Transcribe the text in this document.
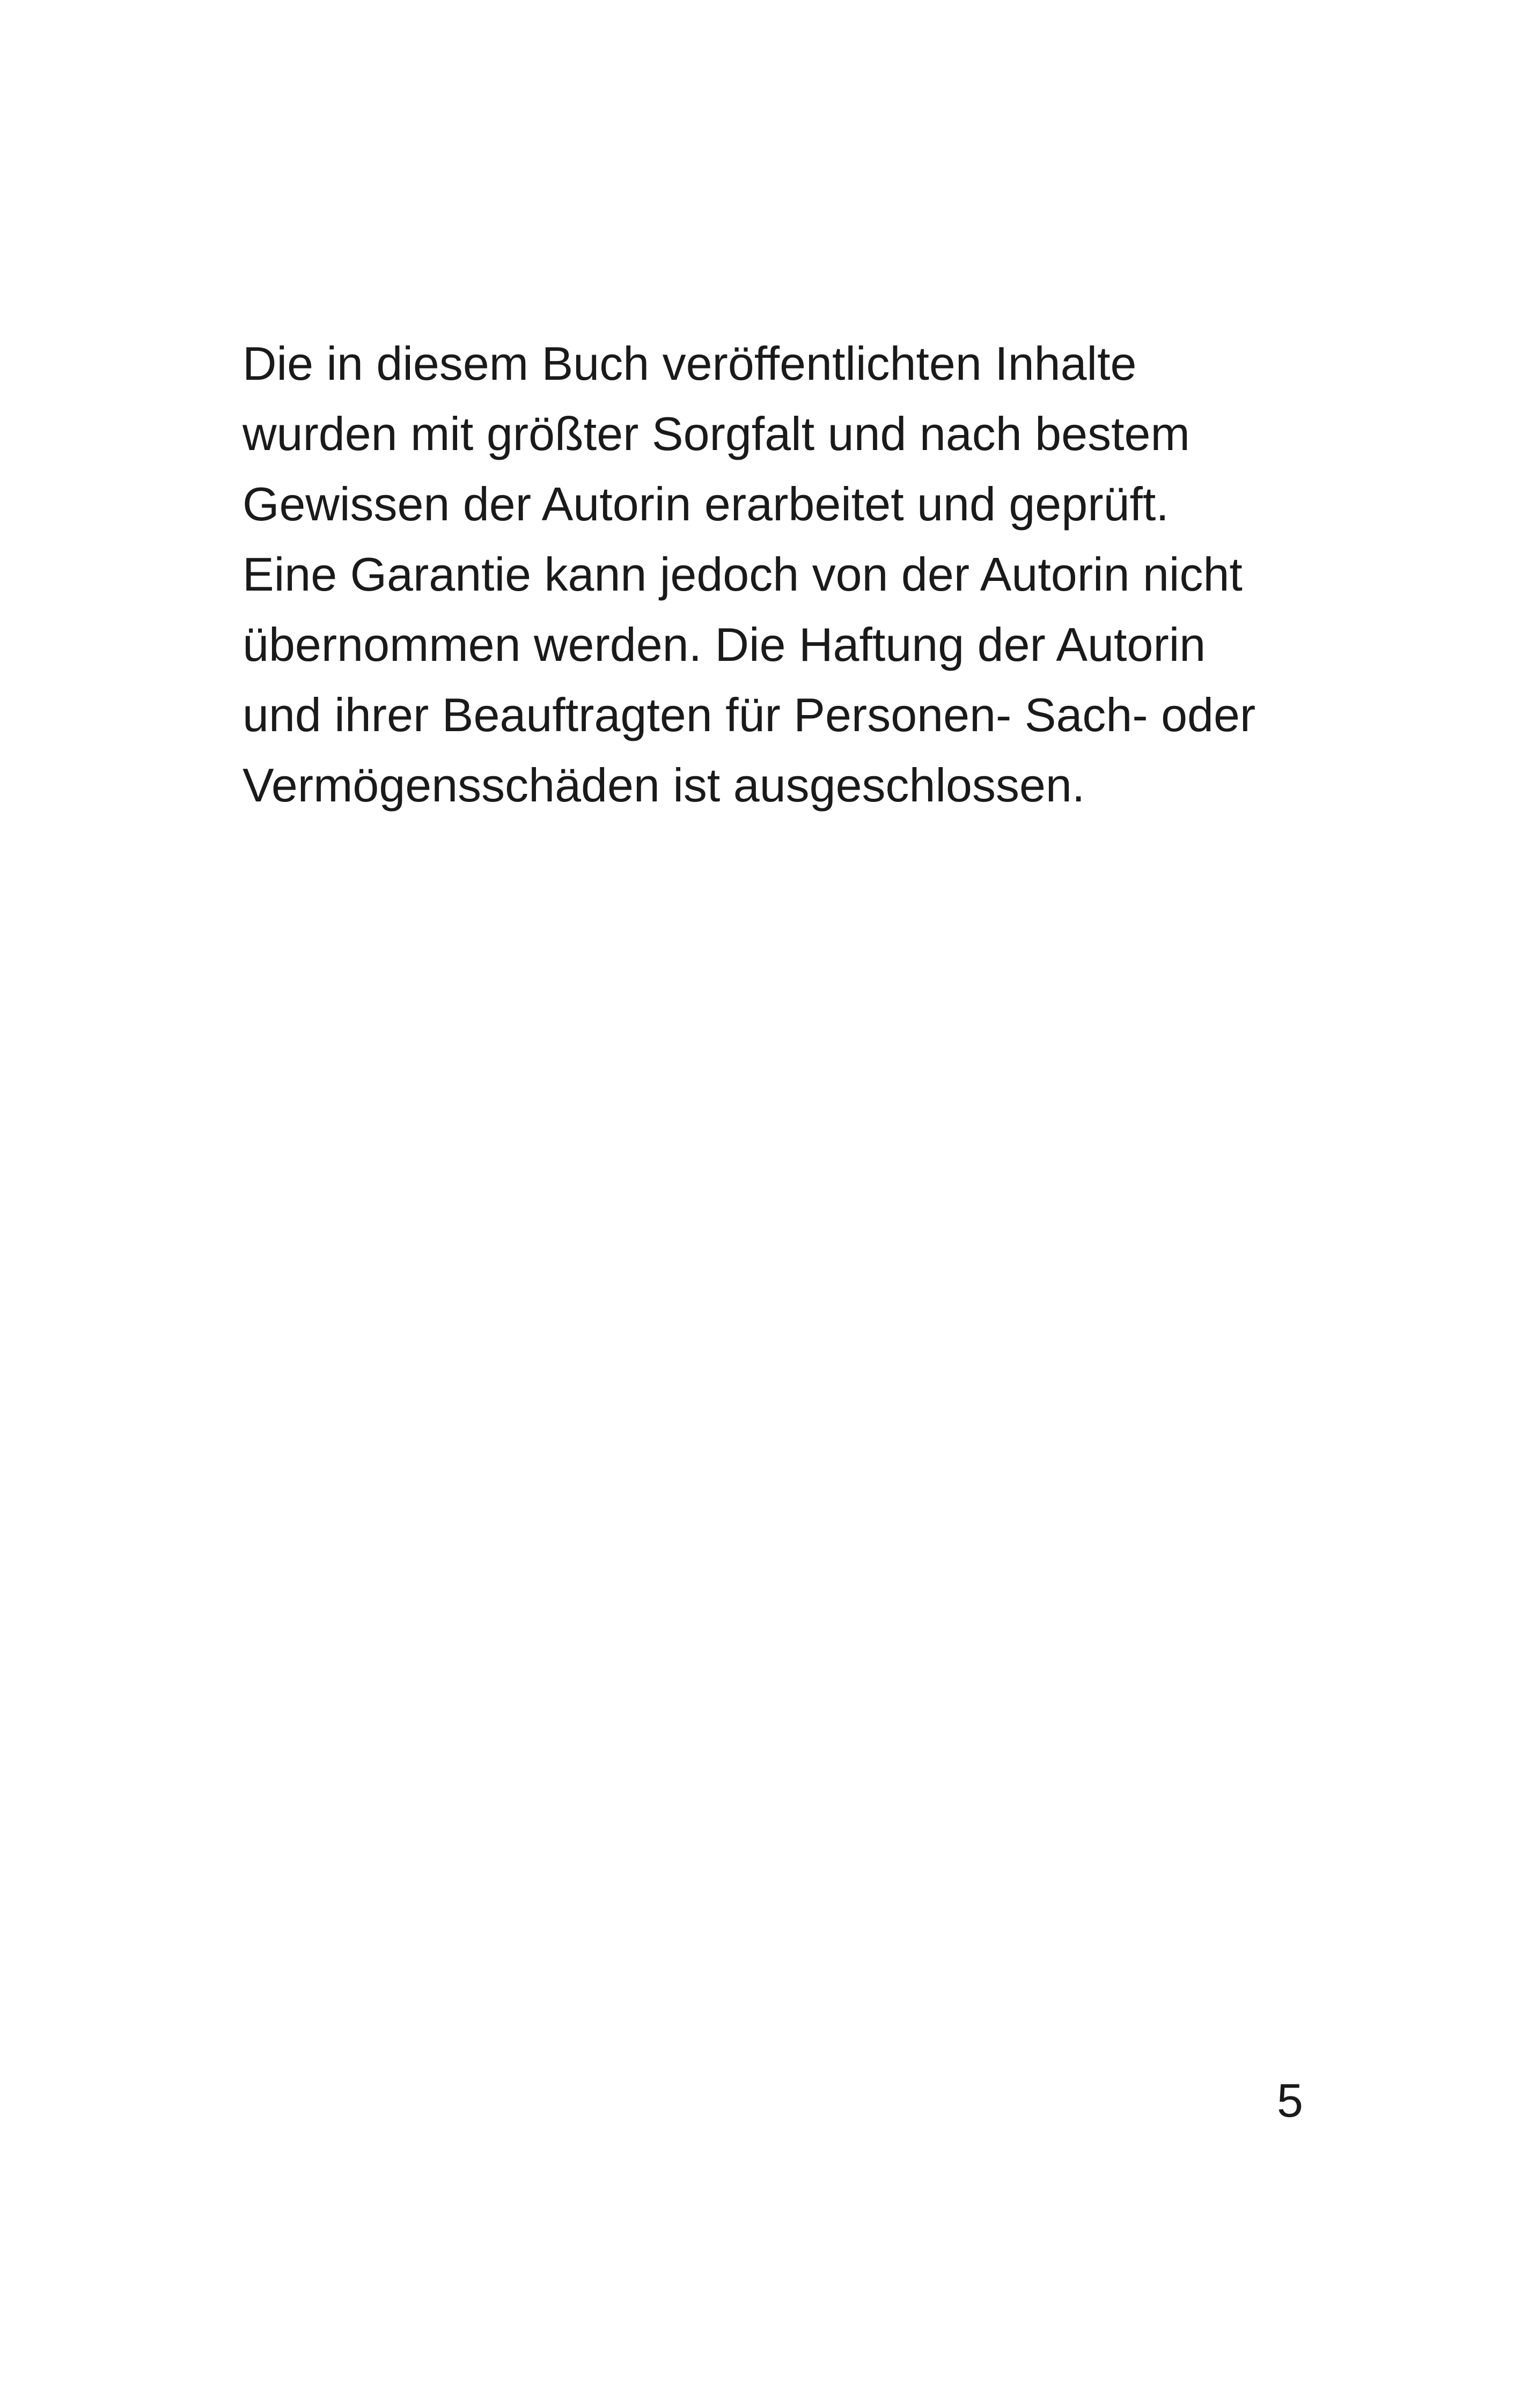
Die in diesem Buch veröffentlichten Inhalte
wurden mit größter Sorgfalt und nach bestem
Gewissen der Autorin erarbeitet und geprüft.
Eine Garantie kann jedoch von der Autorin nicht
übernommen werden. Die Haftung der Autorin
und ihrer Beauftragten für Personen- Sach- oder
Vermögensschäden ist ausgeschlossen.

5
